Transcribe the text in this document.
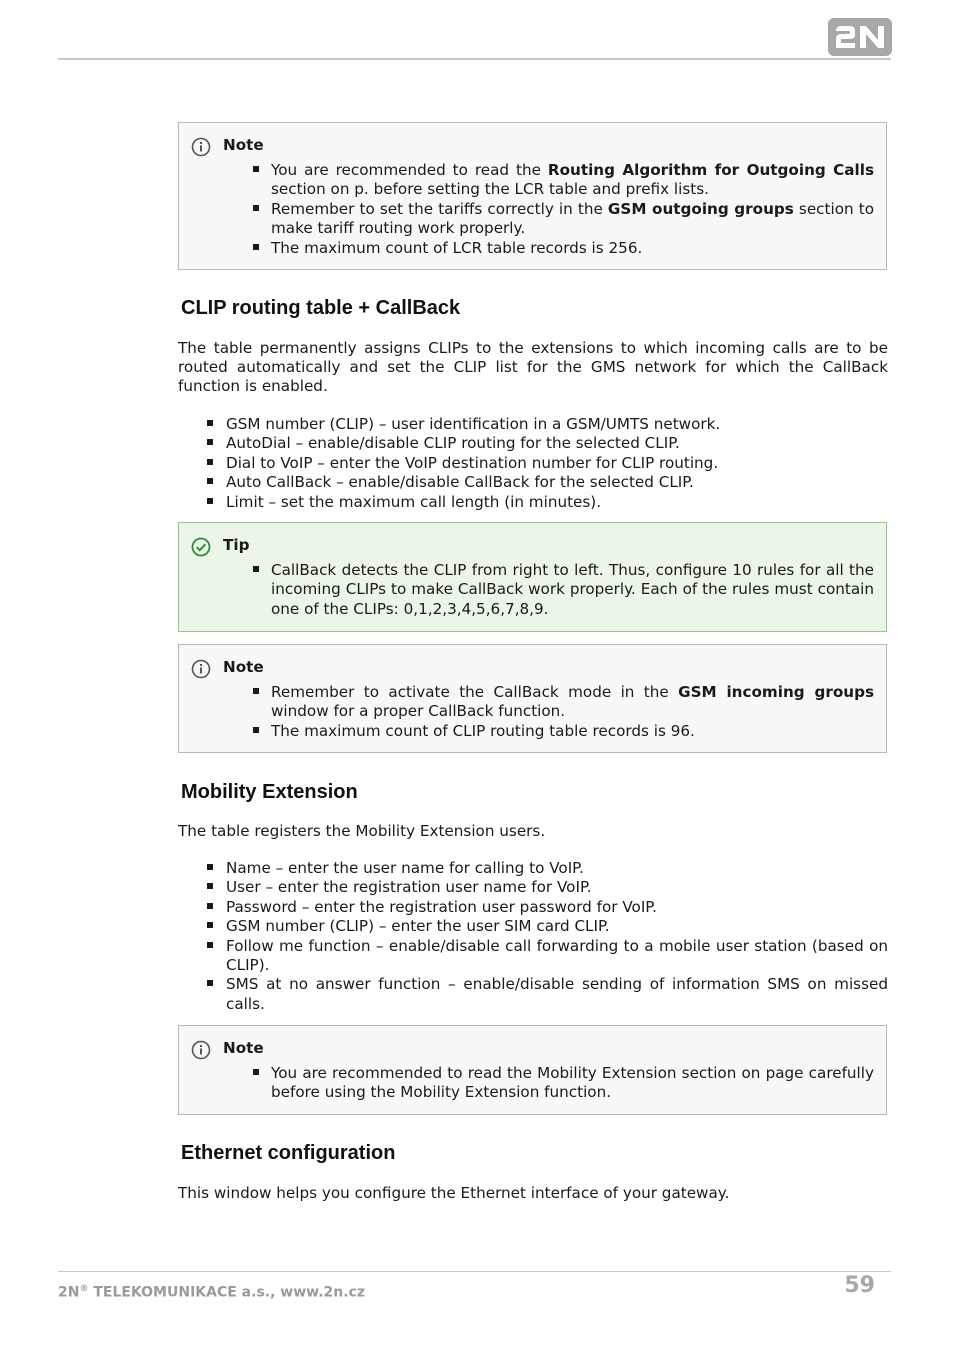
Note
You are recommended to read the Routing Algorithm for Outgoing Calls section on p. before setting the LCR table and prefix lists.
Remember to set the tariffs correctly in the GSM outgoing groups section to make tariff routing work properly.
The maximum count of LCR table records is 256.
CLIP routing table + CallBack

The table permanently assigns CLIPs to the extensions to which incoming calls are to be routed automatically and set the CLIP list for the GMS network for which the CallBack function is enabled.

GSM number (CLIP) – user identification in a GSM/UMTS network.
AutoDial – enable/disable CLIP routing for the selected CLIP.
Dial to VoIP – enter the VoIP destination number for CLIP routing.
Auto CallBack – enable/disable CallBack for the selected CLIP.
Limit – set the maximum call length (in minutes).
Tip
CallBack detects the CLIP from right to left. Thus, configure 10 rules for all the incoming CLIPs to make CallBack work properly. Each of the rules must contain one of the CLIPs: 0,1,2,3,4,5,6,7,8,9.
Note
Remember to activate the CallBack mode in the GSM incoming groups window for a proper CallBack function.
The maximum count of CLIP routing table records is 96.
Mobility Extension

The table registers the Mobility Extension users.

Name – enter the user name for calling to VoIP.
User – enter the registration user name for VoIP.
Password – enter the registration user password for VoIP.
GSM number (CLIP) – enter the user SIM card CLIP.
Follow me function – enable/disable call forwarding to a mobile user station (based on CLIP).
SMS at no answer function – enable/disable sending of information SMS on missed calls.
Note
You are recommended to read the Mobility Extension section on page carefully before using the Mobility Extension function.
Ethernet configuration

This window helps you configure the Ethernet interface of your gateway.

2N® TELEKOMUNIKACE a.s., www.2n.cz	59
